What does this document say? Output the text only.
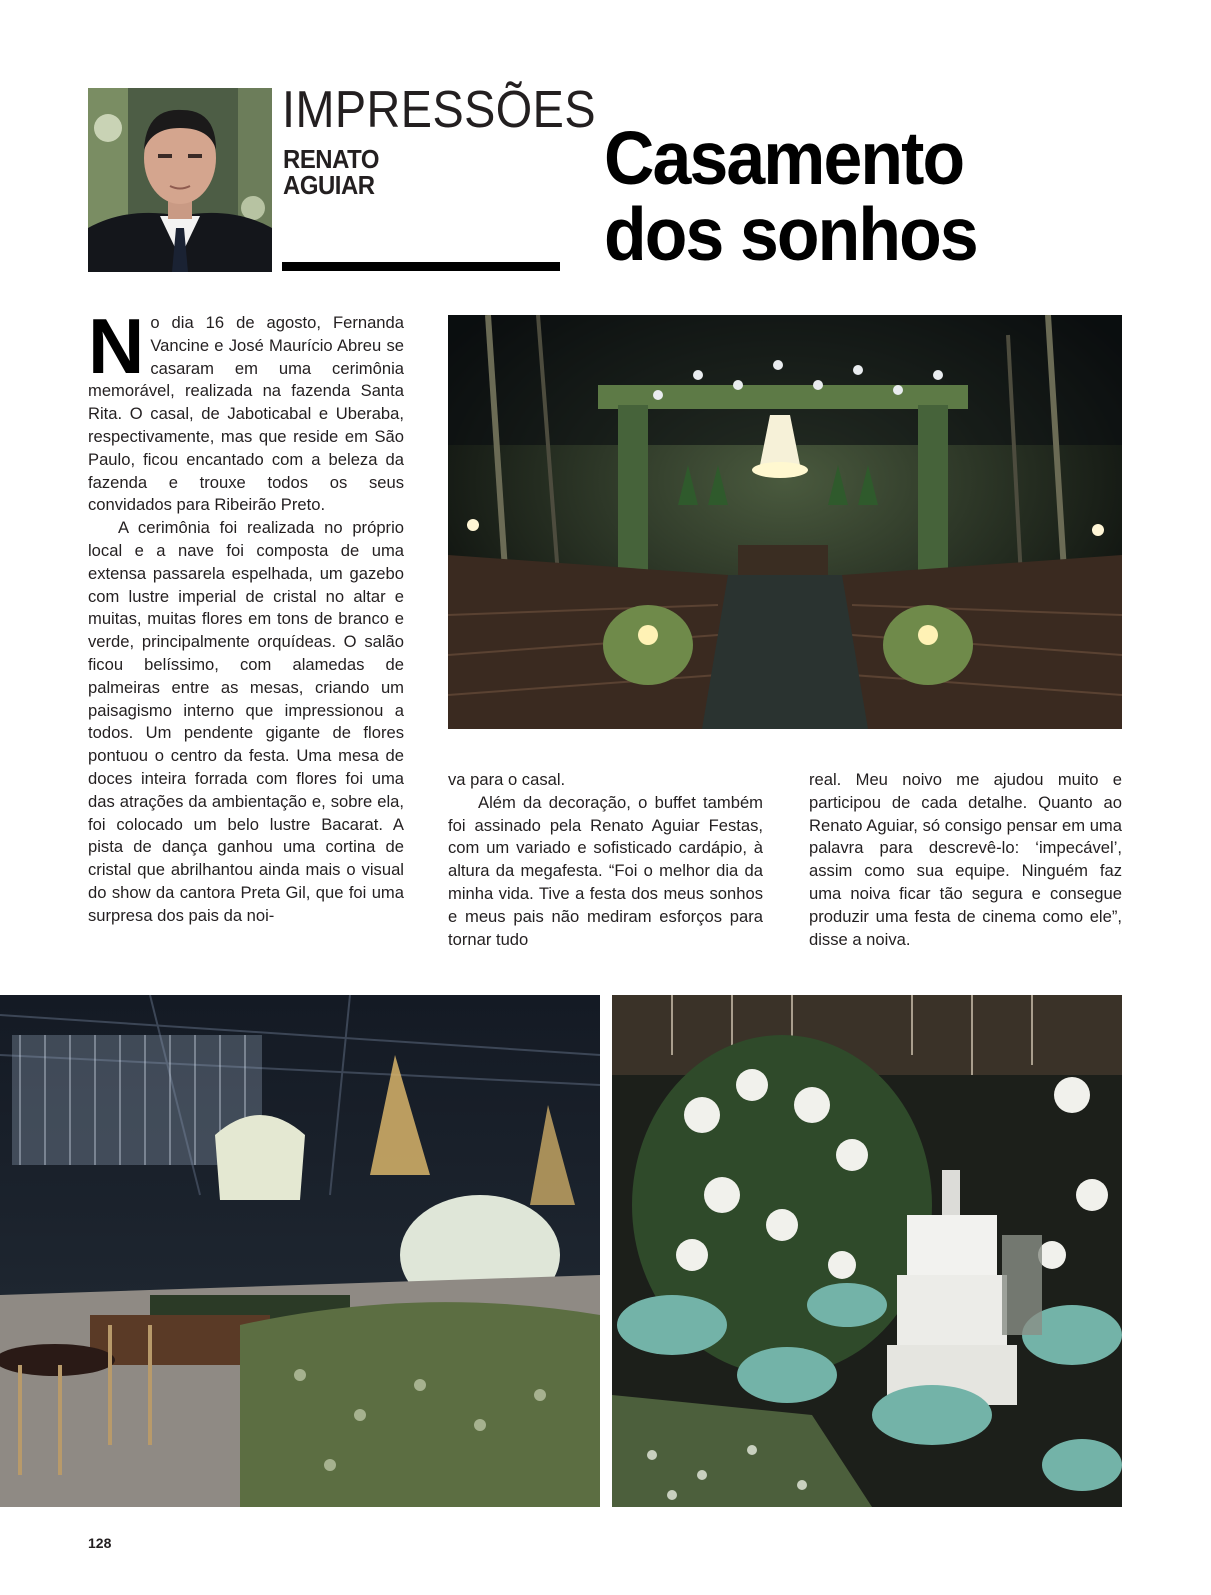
IMPRESSÕES
RENATO
AGUIAR	Casamento
dos sonhos

No dia 16 de agosto, Fernanda Vancine e José Maurício Abreu se casaram em uma cerimônia memorável, realizada na fazenda Santa Rita. O casal, de Jaboticabal e Uberaba, respectivamente, mas que reside em São Paulo, ficou encantado com a beleza da fazenda e trouxe todos os seus convidados para Ribeirão Preto.

A cerimônia foi realizada no próprio local e a nave foi composta de uma extensa passarela espelhada, um gazebo com lustre imperial de cristal no altar e muitas, muitas flores em tons de branco e verde, principalmente orquídeas. O salão ficou belíssimo, com alamedas de palmeiras entre as mesas, criando um paisagismo interno que impressionou a todos. Um pendente gigante de flores pontuou o centro da festa. Uma mesa de doces inteira forrada com flores foi uma das atrações da ambientação e, sobre ela, foi colocado um belo lustre Bacarat. A pista de dança ganhou uma cortina de cristal que abrilhantou ainda mais o visual do show da cantora Preta Gil, que foi uma surpresa dos pais da noi-

va para o casal.

Além da decoração, o buffet também foi assinado pela Renato Aguiar Festas, com um variado e sofisticado cardápio, à altura da megafesta. “Foi o melhor dia da minha vida. Tive a festa dos meus sonhos e meus pais não mediram esforços para tornar tudo

real. Meu noivo me ajudou muito e participou de cada detalhe. Quanto ao Renato Aguiar, só consigo pensar em uma palavra para descrevê-lo: ‘impecável’, assim como sua equipe. Ninguém faz uma noiva ficar tão segura e consegue produzir uma festa de cinema como ele”, disse a noiva.

128
